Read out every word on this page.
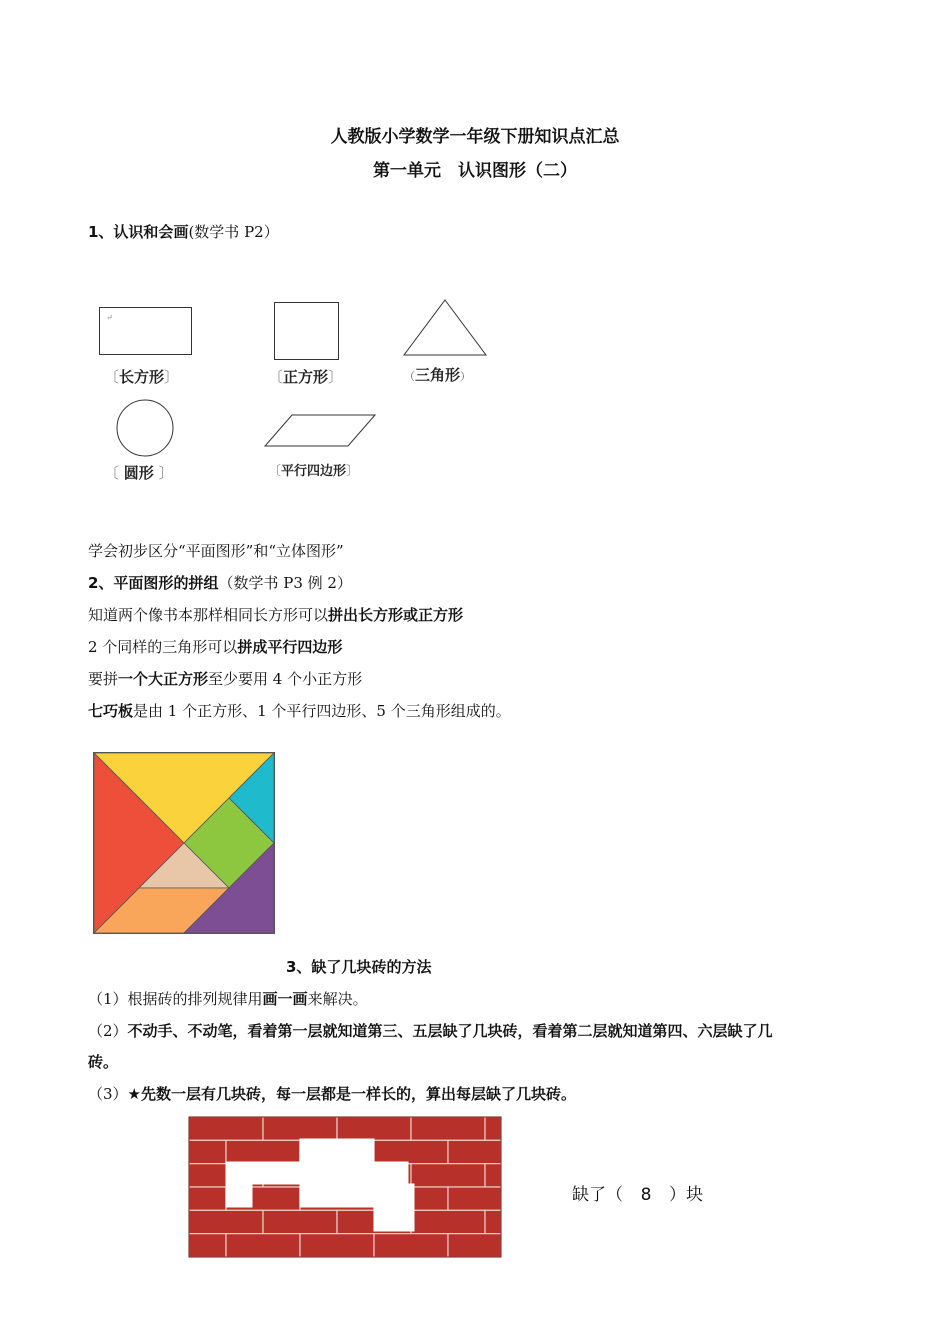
人教版小学数学一年级下册知识点汇总
第一单元　认识图形（二）
1、认识和会画(数学书 P2）
↵
〔长方形〕	〔正方形〕	（三角形）
〔 圆形 〕	〔平行四边形〕
学会初步区分“平面图形”和“立体图形”
2、平面图形的拼组（数学书 P3 例 2）
知道两个像书本那样相同长方形可以拼出长方形或正方形
2 个同样的三角形可以拼成平行四边形
要拼一个大正方形至少要用 4 个小正方形
七巧板是由 1 个正方形、1 个平行四边形、5 个三角形组成的。
3、缺了几块砖的方法
（1）根据砖的排列规律用画一画来解决。
（2）不动手、不动笔，看着第一层就知道第三、五层缺了几块砖，看着第二层就知道第四、六层缺了几
砖。
（3）★先数一层有几块砖，每一层都是一样长的，算出每层缺了几块砖。
缺了（ 8 ）块
